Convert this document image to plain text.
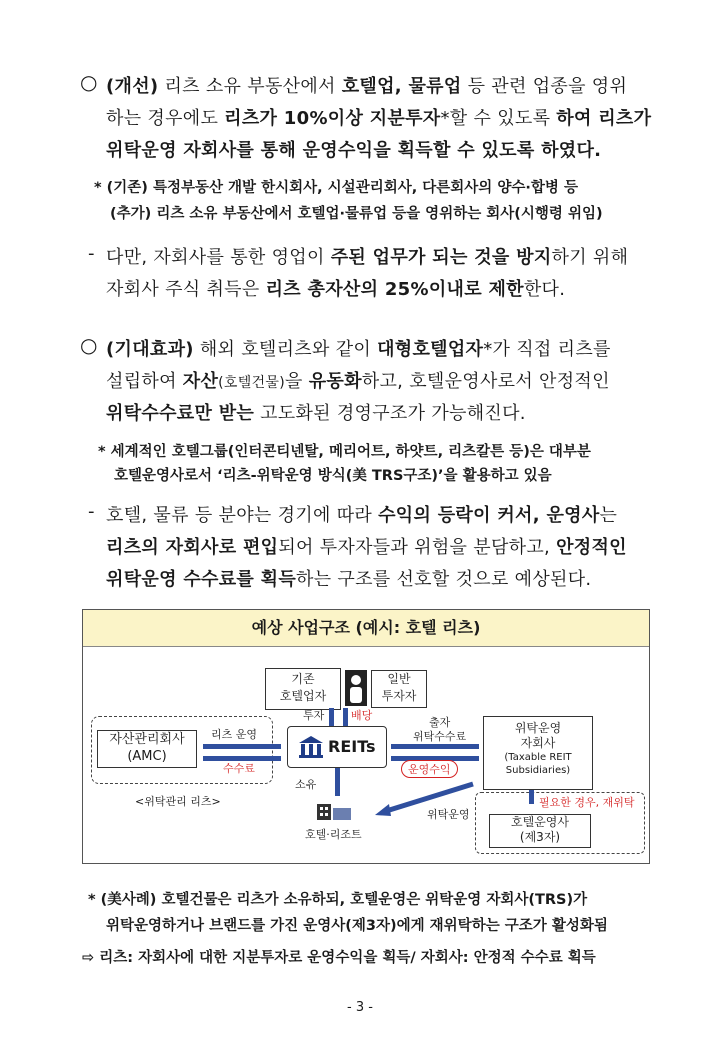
○ (개선) 리츠 소유 부동산에서 호텔업, 물류업 등 관련 업종을 영위
하는 경우에도 리츠가 10%이상 지분투자*할 수 있도록 하여 리츠가
위탁운영 자회사를 통해 운영수익을 획득할 수 있도록 하였다.
* (기존) 특정부동산 개발 한시회사, 시설관리회사, 다른회사의 양수·합병 등
(추가) 리츠 소유 부동산에서 호텔업·물류업 등을 영위하는 회사(시행령 위임)
- 다만, 자회사를 통한 영업이 주된 업무가 되는 것을 방지하기 위해
자회사 주식 취득은 리츠 총자산의 25%이내로 제한한다.
○ (기대효과) 해외 호텔리츠와 같이 대형호텔업자*가 직접 리츠를
설립하여 자산(호텔건물)을 유동화하고, 호텔운영사로서 안정적인
위탁수수료만 받는 고도화된 경영구조가 가능해진다.
* 세계적인 호텔그룹(인터콘티넨탈, 메리어트, 하얏트, 리츠칼튼 등)은 대부분
호텔운영사로서 ‘리츠-위탁운영 방식(美 TRS구조)’을 활용하고 있음
- 호텔, 물류 등 분야는 경기에 따라 수익의 등락이 커서, 운영사는
리츠의 자회사로 편입되어 투자자들과 위험을 분담하고, 안정적인
위탁운영 수수료를 획득하는 구조를 선호할 것으로 예상된다.
예상 사업구조 (예시: 호텔 리츠)
기존
호텔업자
일반
투자자
투자 배당
자산관리회사
(AMC)
<위탁관리 리츠>
리츠 운영
수수료
REITs
출자
위탁수수료
운영수익
위탁운영
자회사
(Taxable REIT
Subsidiaries)
필요한 경우, 재위탁
호텔운영사
(제3자)
소유
호텔·리조트
위탁운영
* (美사례) 호텔건물은 리츠가 소유하되, 호텔운영은 위탁운영 자회사(TRS)가
위탁운영하거나 브랜드를 가진 운영사(제3자)에게 재위탁하는 구조가 활성화됨
⇨ 리츠: 자회사에 대한 지분투자로 운영수익을 획득/ 자회사: 안정적 수수료 획득
- 3 -
